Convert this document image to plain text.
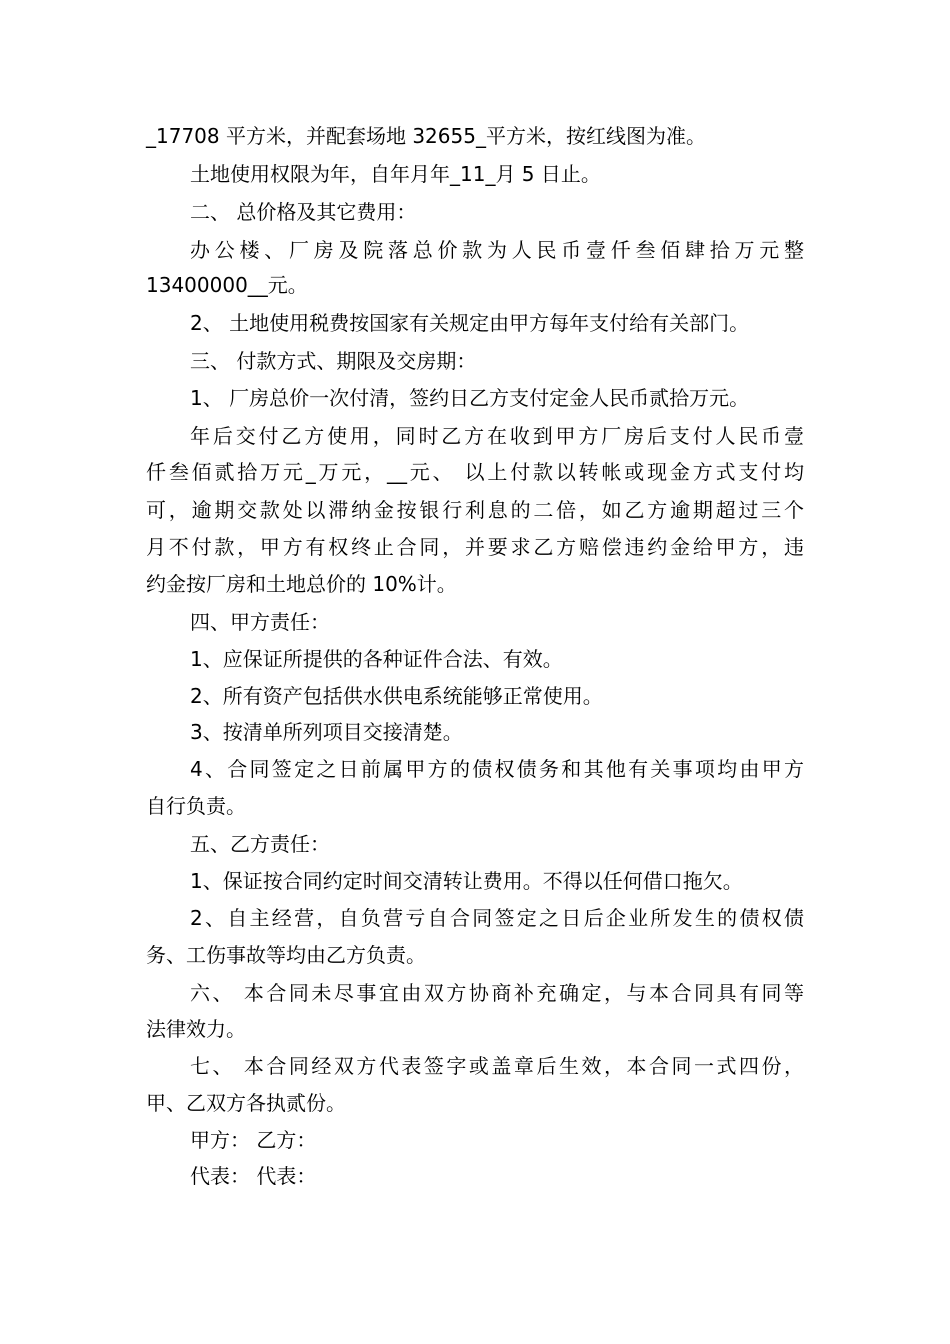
_17708 平方米，并配套场地 32655_平方米，按红线图为准。
土地使用权限为年，自年月年_11_月 5 日止。
二、 总价格及其它费用：
办公楼、厂房及院落总价款为人民币壹仟叁佰肆拾万元整
13400000__元。
2、 土地使用税费按国家有关规定由甲方每年支付给有关部门。
三、 付款方式、期限及交房期：
1、 厂房总价一次付清，签约日乙方支付定金人民币贰拾万元。
年后交付乙方使用，同时乙方在收到甲方厂房后支付人民币壹
仟叁佰贰拾万元_万元，__元、 以上付款以转帐或现金方式支付均
可，逾期交款处以滞纳金按银行利息的二倍，如乙方逾期超过三个
月不付款，甲方有权终止合同，并要求乙方赔偿违约金给甲方，违
约金按厂房和土地总价的 10%计。
四、甲方责任：
1、应保证所提供的各种证件合法、有效。
2、所有资产包括供水供电系统能够正常使用。
3、按清单所列项目交接清楚。
4、合同签定之日前属甲方的债权债务和其他有关事项均由甲方
自行负责。
五、乙方责任：
1、保证按合同约定时间交清转让费用。不得以任何借口拖欠。
2、自主经营，自负营亏自合同签定之日后企业所发生的债权债
务、工伤事故等均由乙方负责。
六、 本合同未尽事宜由双方协商补充确定，与本合同具有同等
法律效力。
七、 本合同经双方代表签字或盖章后生效，本合同一式四份，
甲、乙双方各执贰份。
甲方： 乙方：
代表： 代表：
